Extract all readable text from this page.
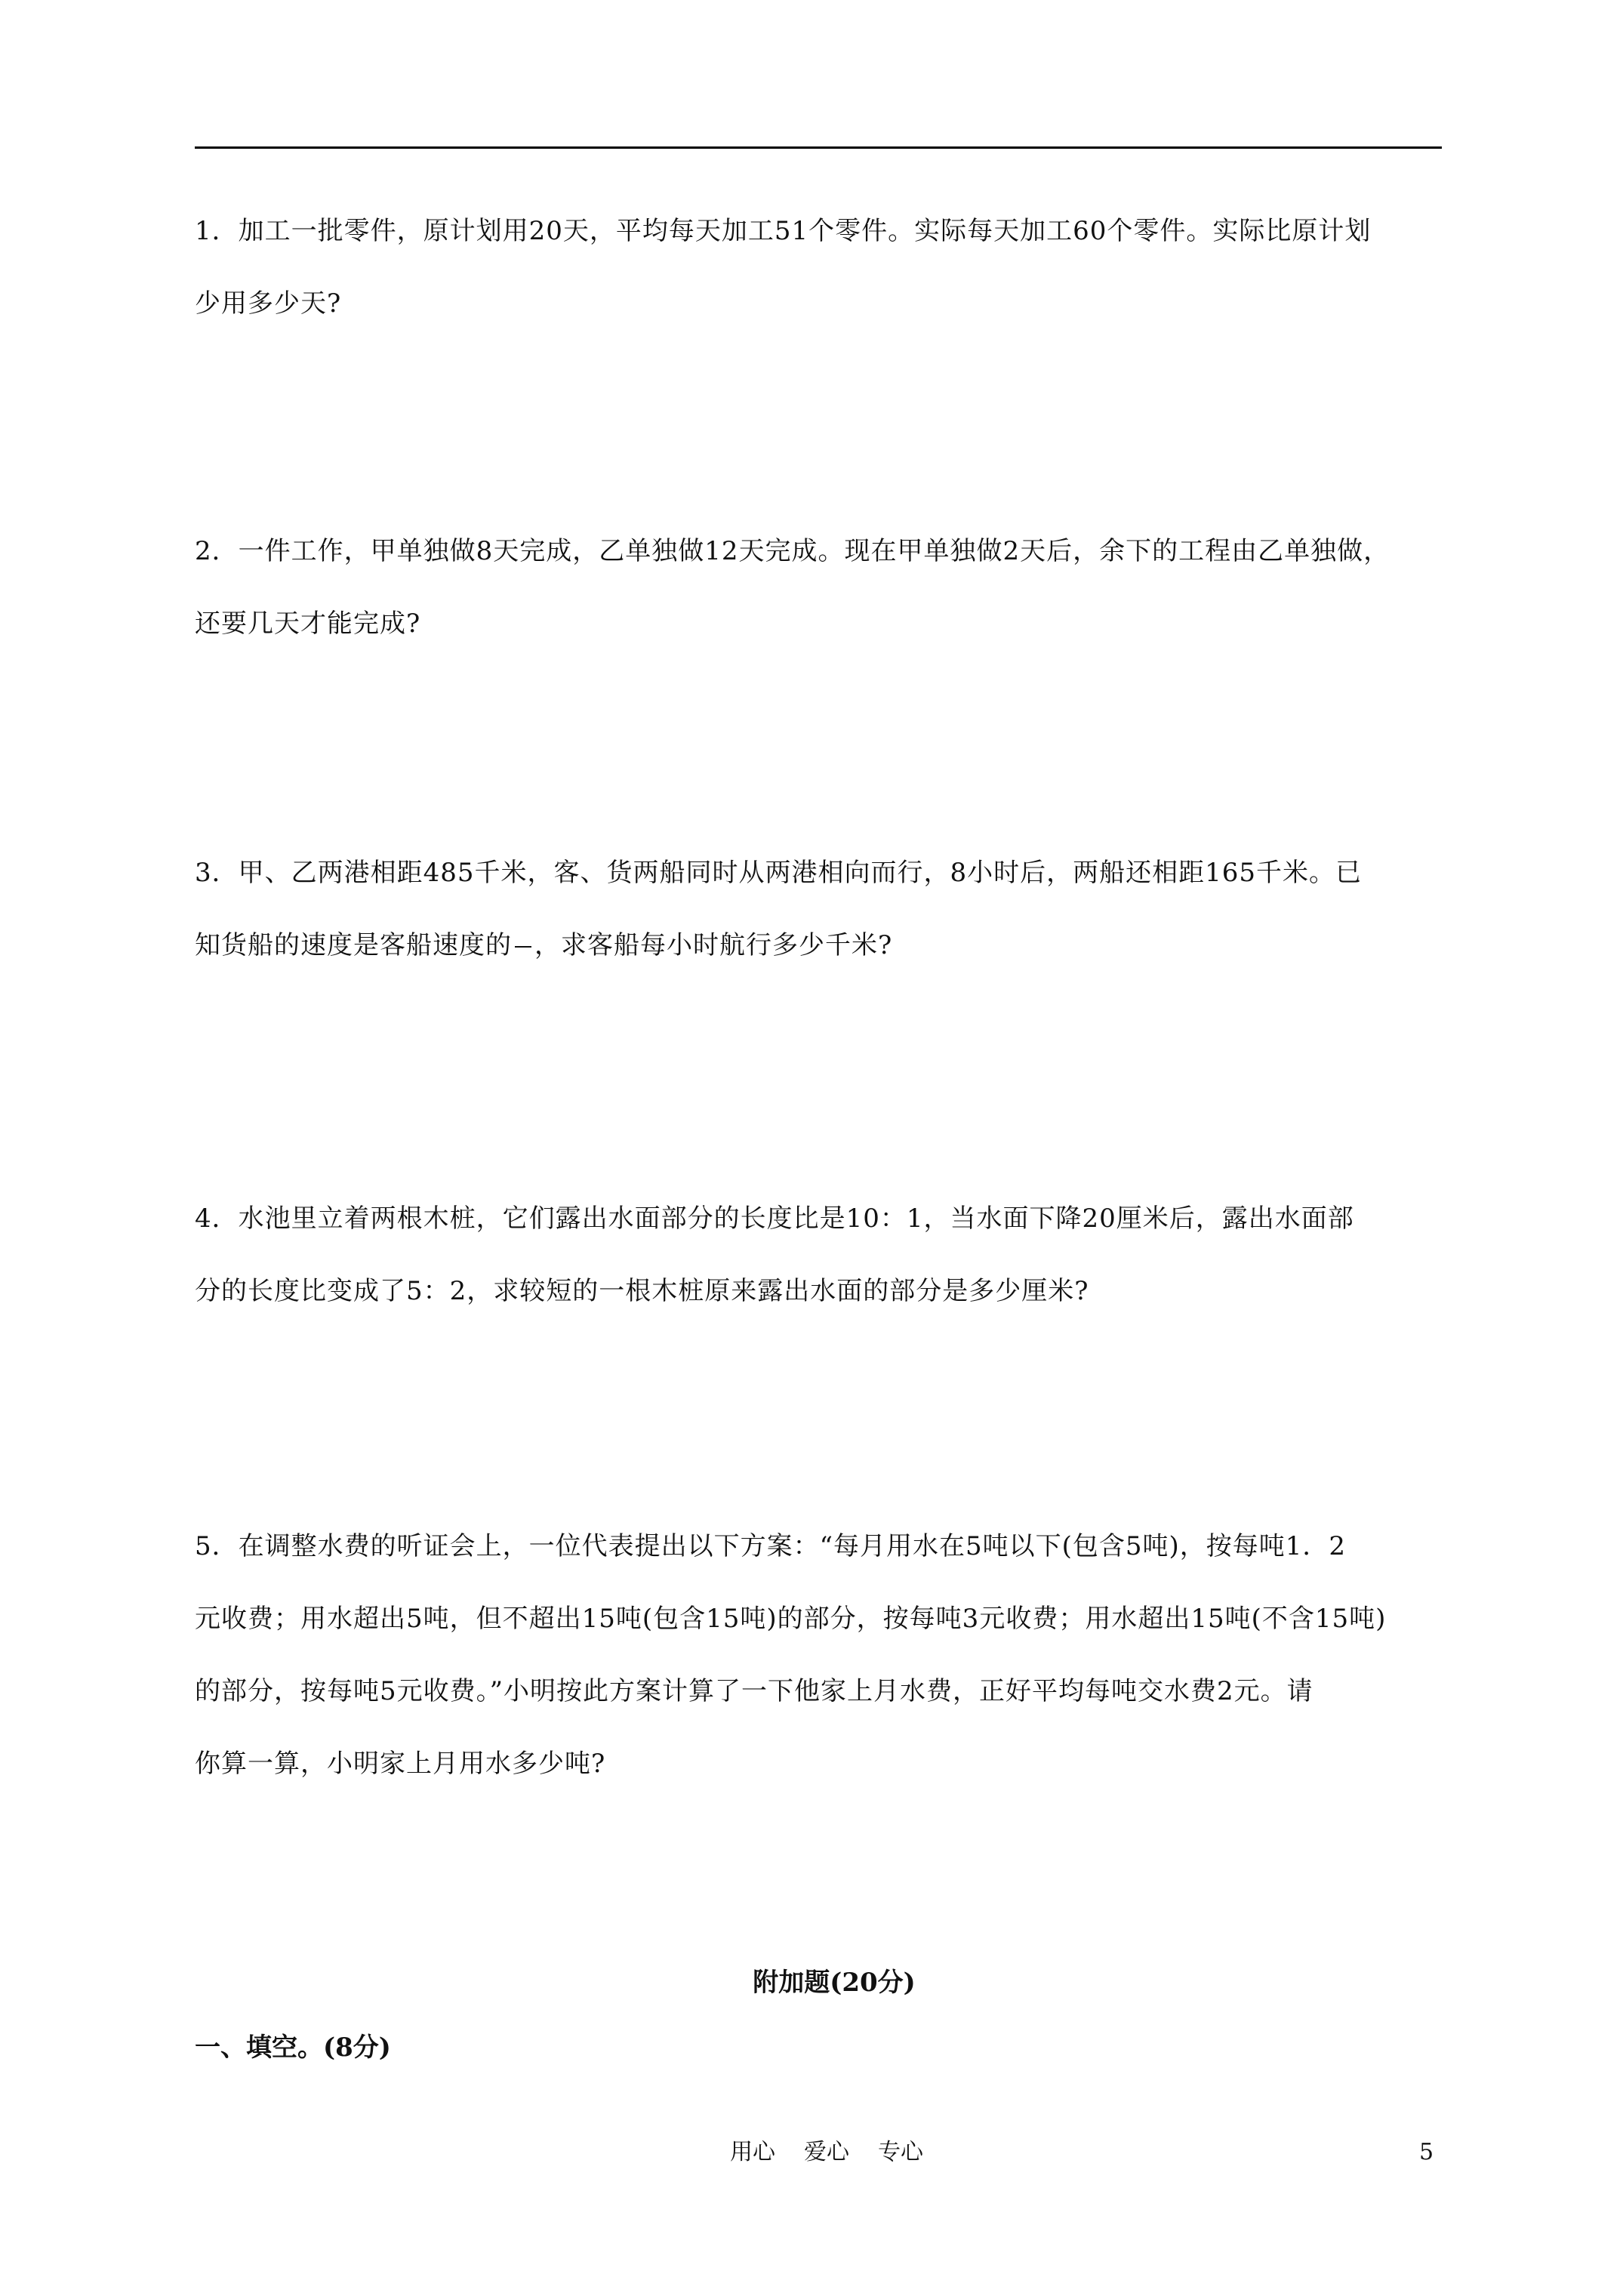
1．加工一批零件，原计划用20天，平均每天加工51个零件。实际每天加工60个零件。实际比原计划

少用多少天?

2．一件工作，甲单独做8天完成，乙单独做12天完成。现在甲单独做2天后，余下的工程由乙单独做，

还要几天才能完成?

3．甲、乙两港相距485千米，客、货两船同时从两港相向而行，8小时后，两船还相距165千米。已

知货船的速度是客船速度的 ，求客船每小时航行多少千米?

4．水池里立着两根木桩，它们露出水面部分的长度比是10：1，当水面下降20厘米后，露出水面部

分的长度比变成了5：2，求较短的一根木桩原来露出水面的部分是多少厘米?

5．在调整水费的听证会上，一位代表提出以下方案：“每月用水在5吨以下(包含5吨)，按每吨1．2

元收费；用水超出5吨，但不超出15吨(包含15吨)的部分，按每吨3元收费；用水超出15吨(不含15吨)

的部分，按每吨5元收费。”小明按此方案计算了一下他家上月水费，正好平均每吨交水费2元。请

你算一算，小明家上月用水多少吨?

附加题(20分)
一、填空。(8分)
用心 爱心 专心	5
